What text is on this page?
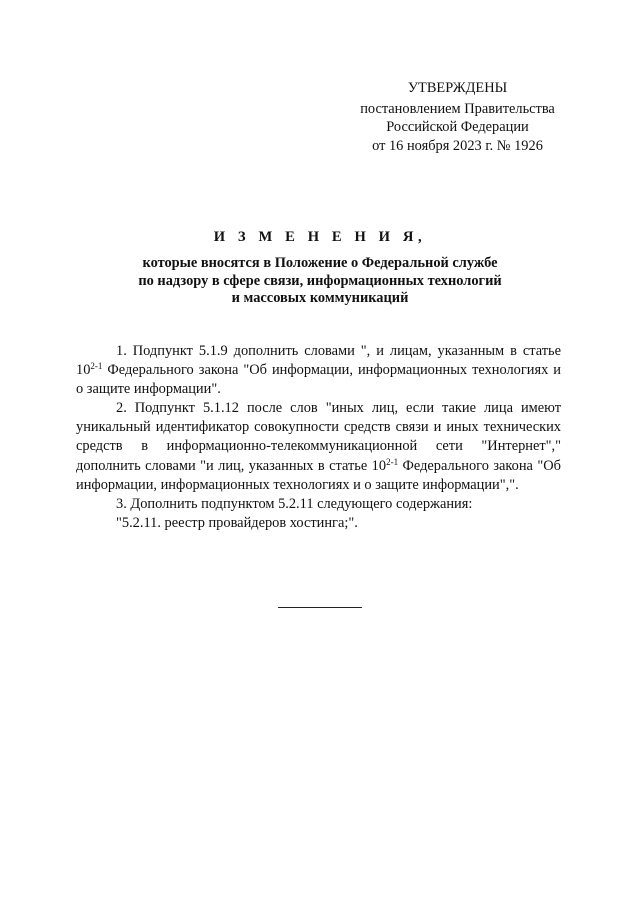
УТВЕРЖДЕНЫ
постановлением Правительства
Российской Федерации
от 16 ноября 2023 г. № 1926
И З М Е Н Е Н И Я,
которые вносятся в Положение о Федеральной службе
по надзору в сфере связи, информационных технологий
и массовых коммуникаций

1. Подпункт 5.1.9 дополнить словами ", и лицам, указанным в статье 10$^{2-1}$ Федерального закона "Об информации, информационных технологиях и о защите информации".

2. Подпункт 5.1.12 после слов "иных лиц, если такие лица имеют уникальный идентификатор совокупности средств связи и иных технических средств в информационно-телекоммуникационной сети "Интернет"," дополнить словами "и лиц, указанных в статье 10$^{2-1}$ Федерального закона "Об информации, информационных технологиях и о защите информации",".

3. Дополнить подпунктом 5.2.11 следующего содержания:

"5.2.11. реестр провайдеров хостинга;".
